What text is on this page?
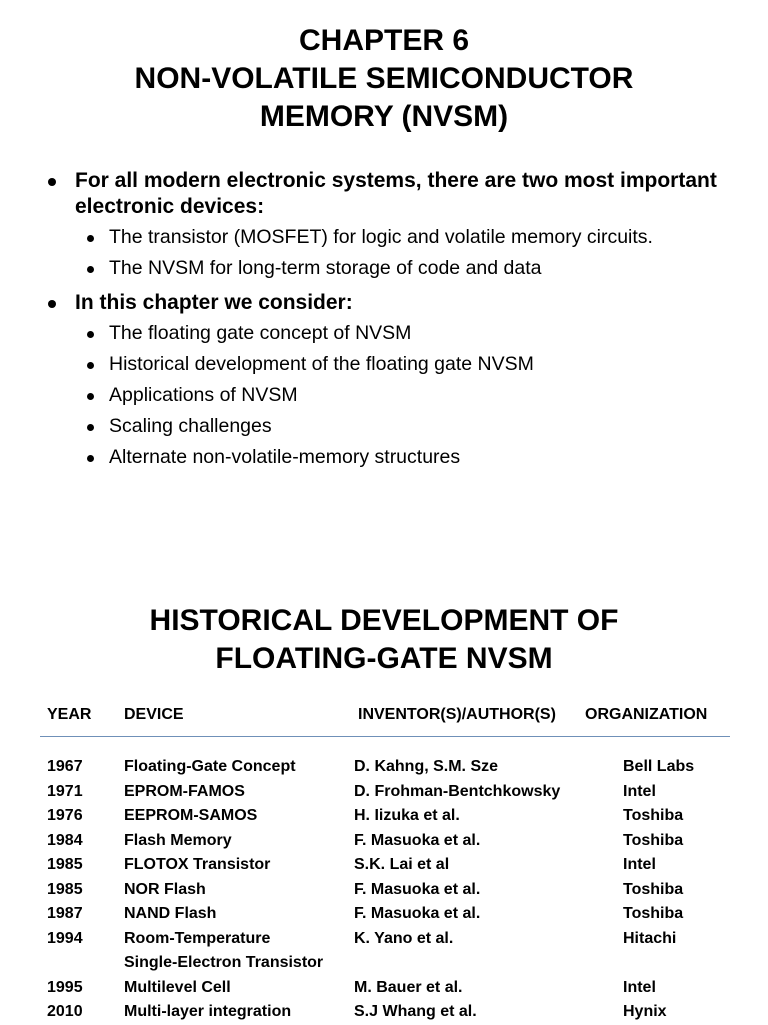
CHAPTER 6
NON-VOLATILE SEMICONDUCTOR
MEMORY (NVSM)
For all modern electronic systems, there are two most important electronic devices:
The transistor (MOSFET) for logic and volatile memory circuits.
The NVSM for long-term storage of code and data
In this chapter we consider:
The floating gate concept of NVSM
Historical development of the floating gate NVSM
Applications of NVSM
Scaling challenges
Alternate non-volatile-memory structures
HISTORICAL DEVELOPMENT OF
FLOATING-GATE NVSM
YEAR DEVICE	INVENTOR(S)/AUTHOR(S) ORGANIZATION
1967	Floating-Gate Concept	D. Kahng, S.M. Sze	Bell Labs
1971	EPROM-FAMOS	D. Frohman-Bentchkowsky	Intel
1976	EEPROM-SAMOS	H. Iizuka et al.	Toshiba
1984	Flash Memory	F. Masuoka et al.	Toshiba
1985	FLOTOX Transistor	S.K. Lai et al	Intel
1985	NOR Flash	F. Masuoka et al.	Toshiba
1987	NAND Flash	F. Masuoka et al.	Toshiba
1994	Room-Temperature	K. Yano et al.	Hitachi
Single-Electron Transistor
1995	Multilevel Cell	M. Bauer et al.	Intel
2010	Multi-layer integration	S.J Whang et al.	Hynix
